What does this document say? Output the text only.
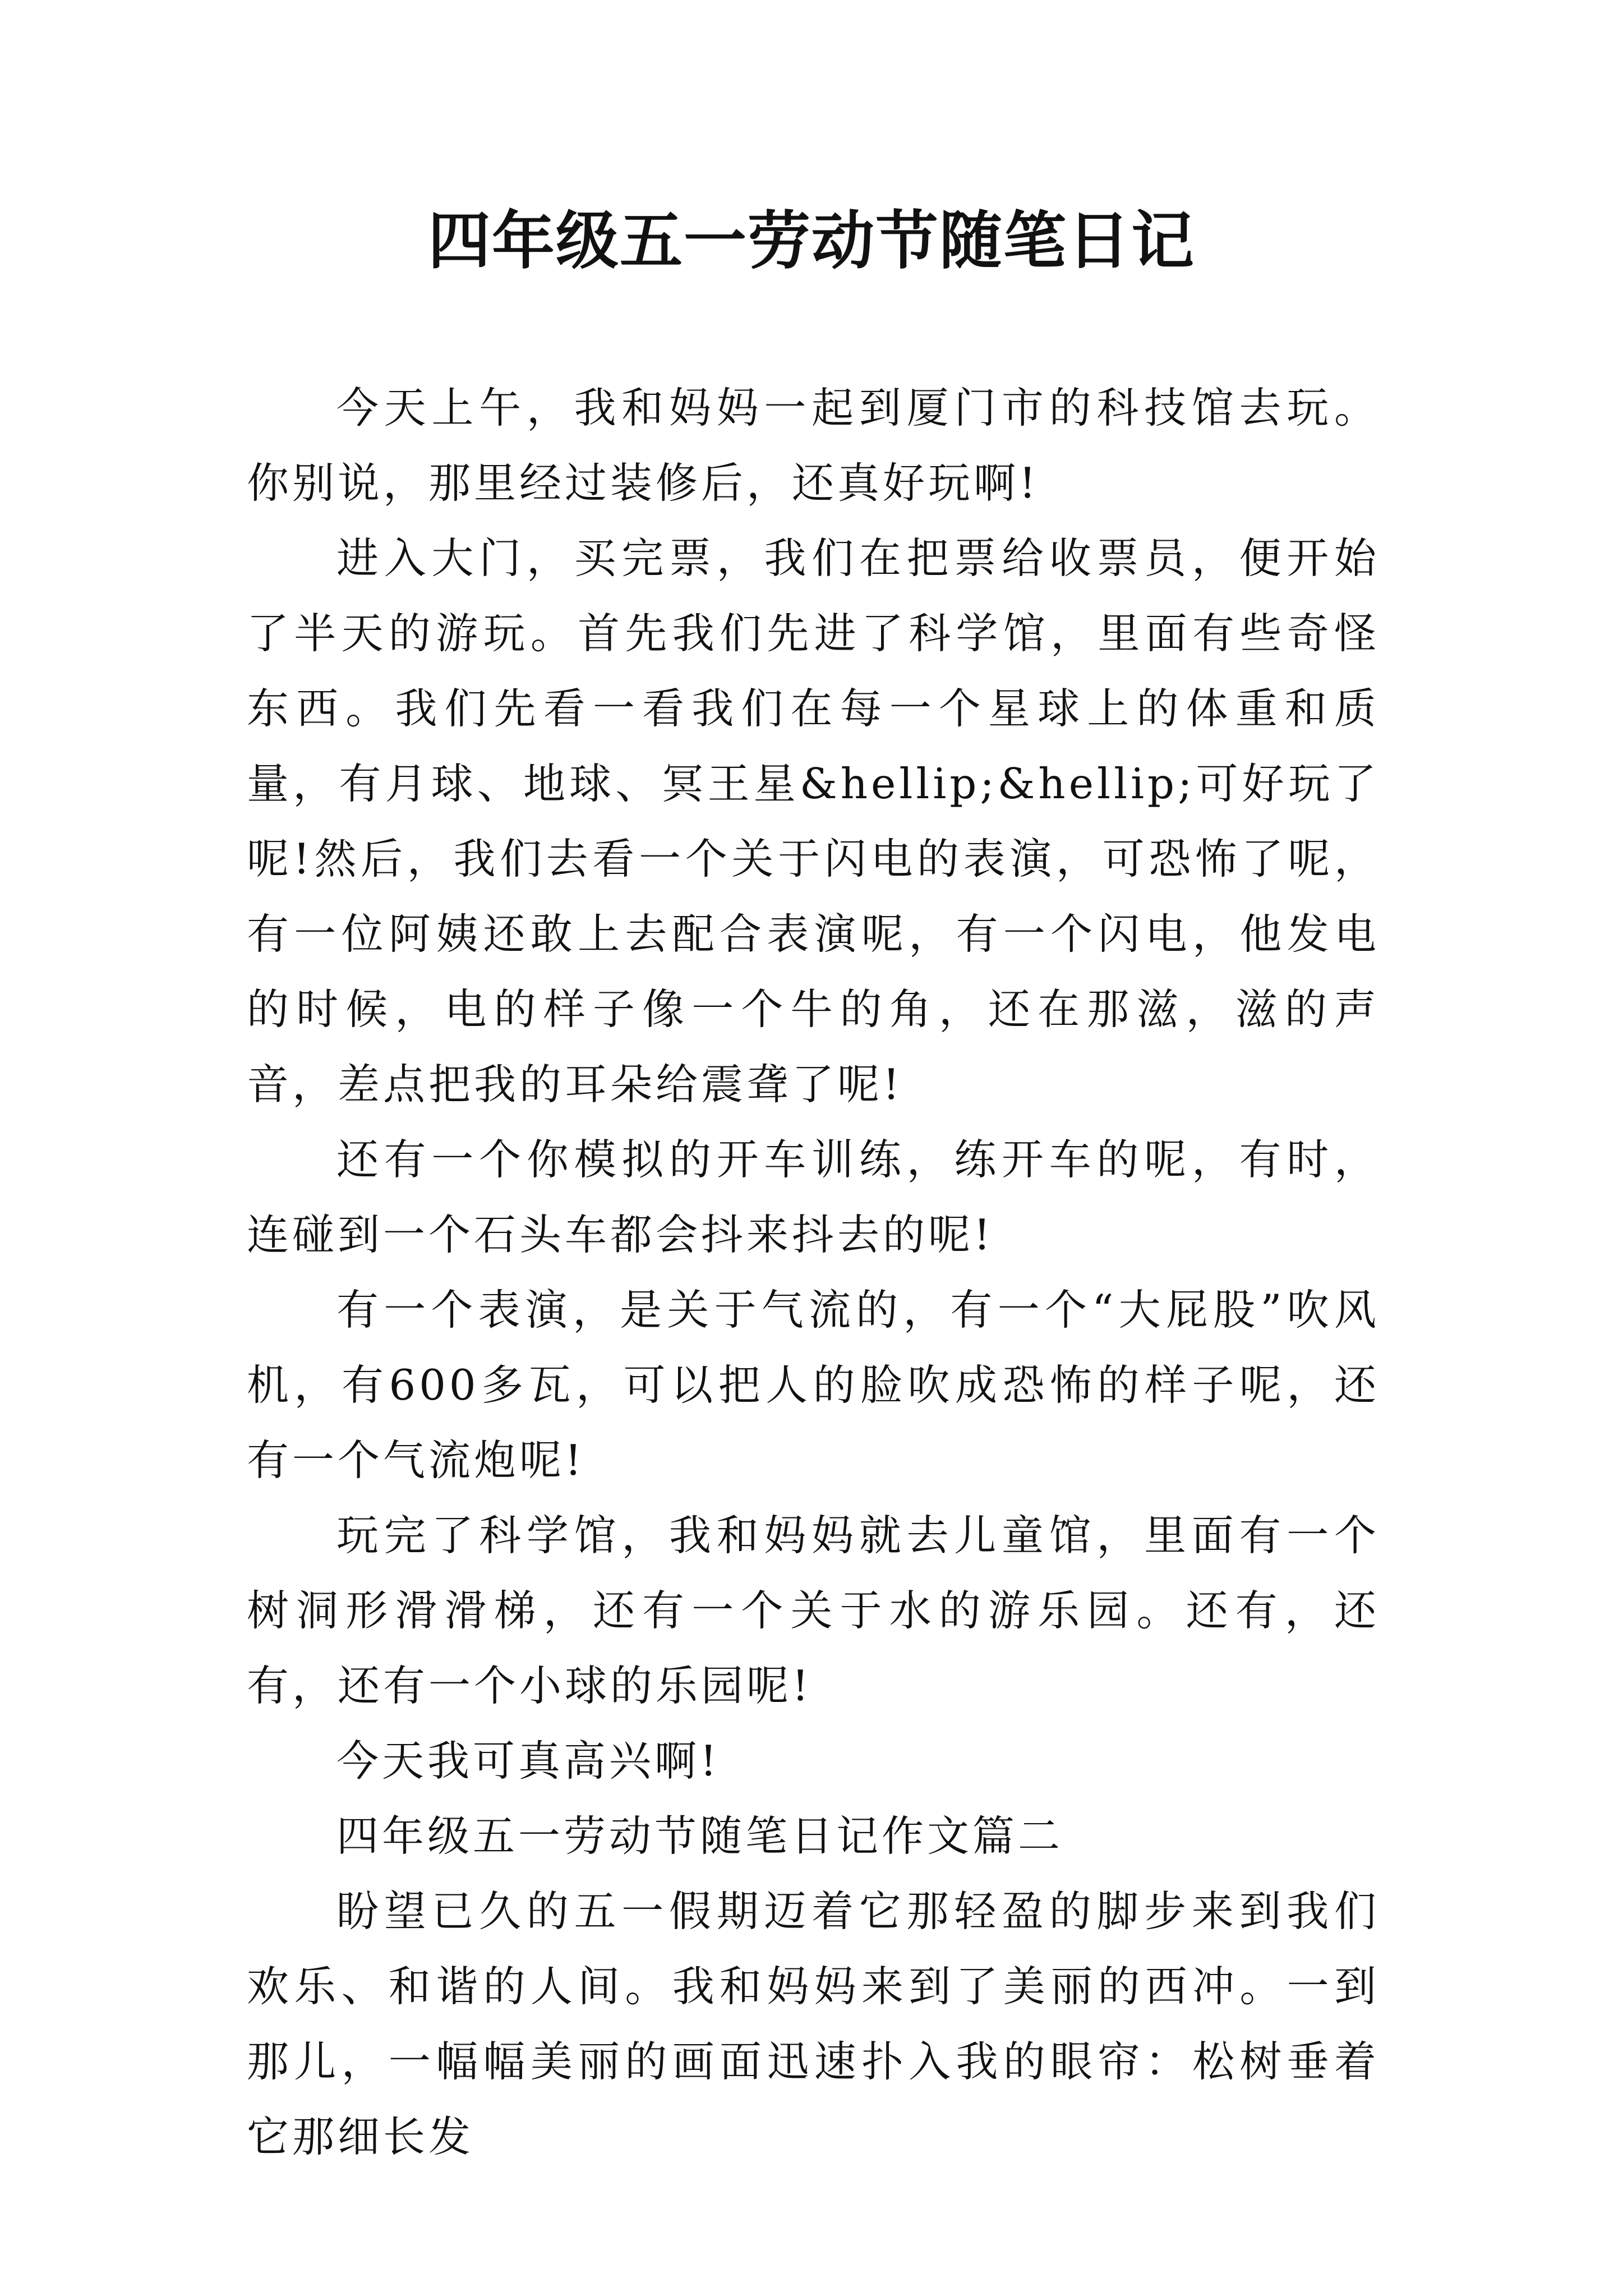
四年级五一劳动节随笔日记

今天上午，我和妈妈一起到厦门市的科技馆去玩。你别说，那里经过装修后，还真好玩啊!

进入大门，买完票，我们在把票给收票员，便开始了半天的游玩。首先我们先进了科学馆，里面有些奇怪东西。我们先看一看我们在每一个星球上的体重和质量，有月球、地球、冥王星&hellip;&hellip;可好玩了呢!然后，我们去看一个关于闪电的表演，可恐怖了呢，有一位阿姨还敢上去配合表演呢，有一个闪电，他发电的时候，电的样子像一个牛的角，还在那滋，滋的声音，差点把我的耳朵给震聋了呢!

还有一个你模拟的开车训练，练开车的呢，有时，连碰到一个石头车都会抖来抖去的呢!

有一个表演，是关于气流的，有一个“大屁股”吹风机，有600多瓦，可以把人的脸吹成恐怖的样子呢，还有一个气流炮呢!

玩完了科学馆，我和妈妈就去儿童馆，里面有一个树洞形滑滑梯，还有一个关于水的游乐园。还有，还有，还有一个小球的乐园呢!

今天我可真高兴啊!

四年级五一劳动节随笔日记作文篇二

盼望已久的五一假期迈着它那轻盈的脚步来到我们欢乐、和谐的人间。我和妈妈来到了美丽的西冲。一到那儿，一幅幅美丽的画面迅速扑入我的眼帘：松树垂着它那细长发
